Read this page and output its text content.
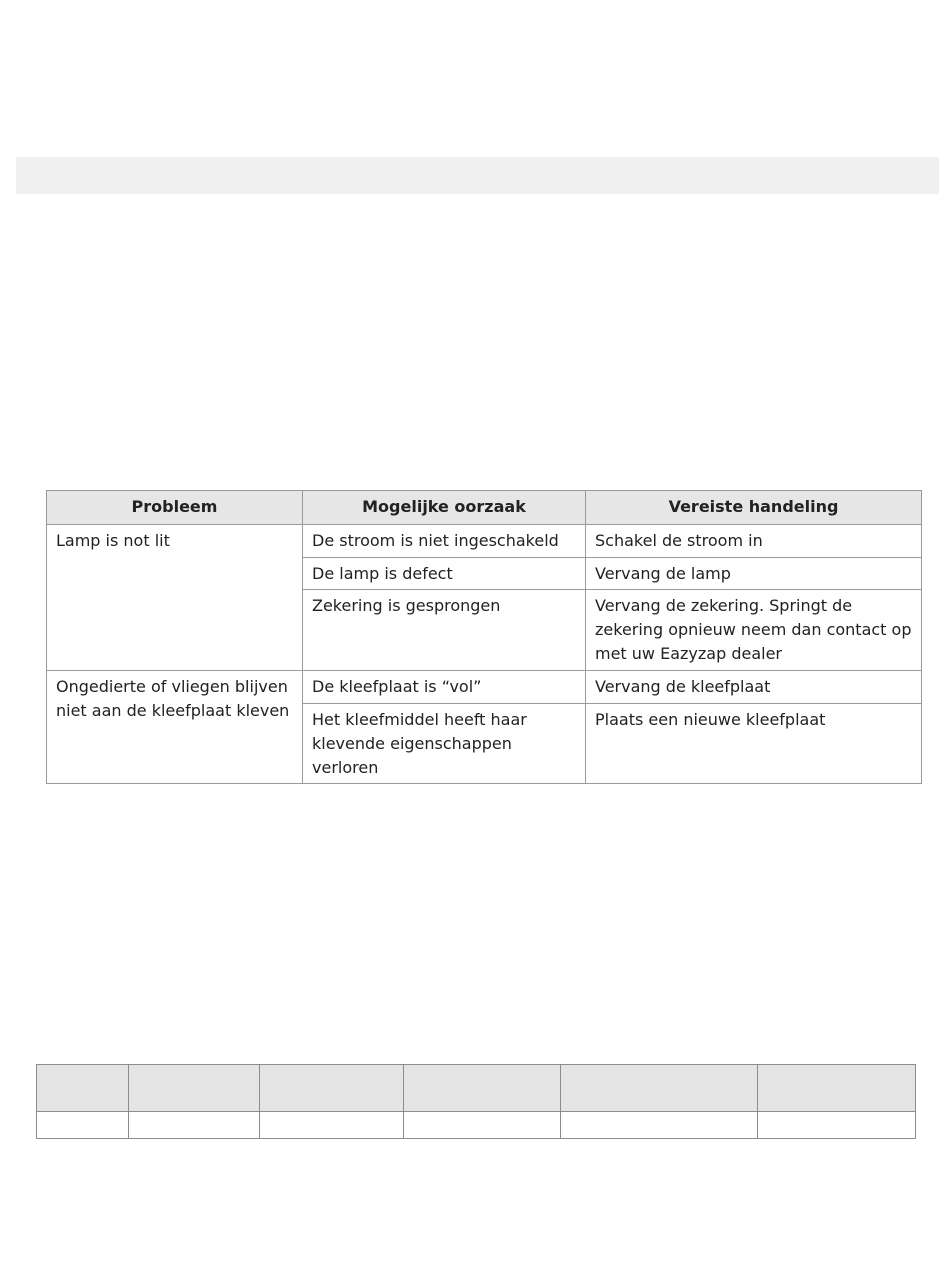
Probleem	Mogelijke oorzaak	Vereiste handeling
Lamp is not lit	De stroom is niet ingeschakeld	Schakel de stroom in
	De lamp is defect	Vervang de lamp
	Zekering is gesprongen	Vervang de zekering. Springt de zekering opnieuw neem dan contact op met uw Eazyzap dealer
Ongedierte of vliegen blijven niet aan de kleefplaat kleven	De kleefplaat is “vol”	Vervang de kleefplaat
	Het kleefmiddel heeft haar klevende eigenschappen verloren	Plaats een nieuwe kleefplaat
